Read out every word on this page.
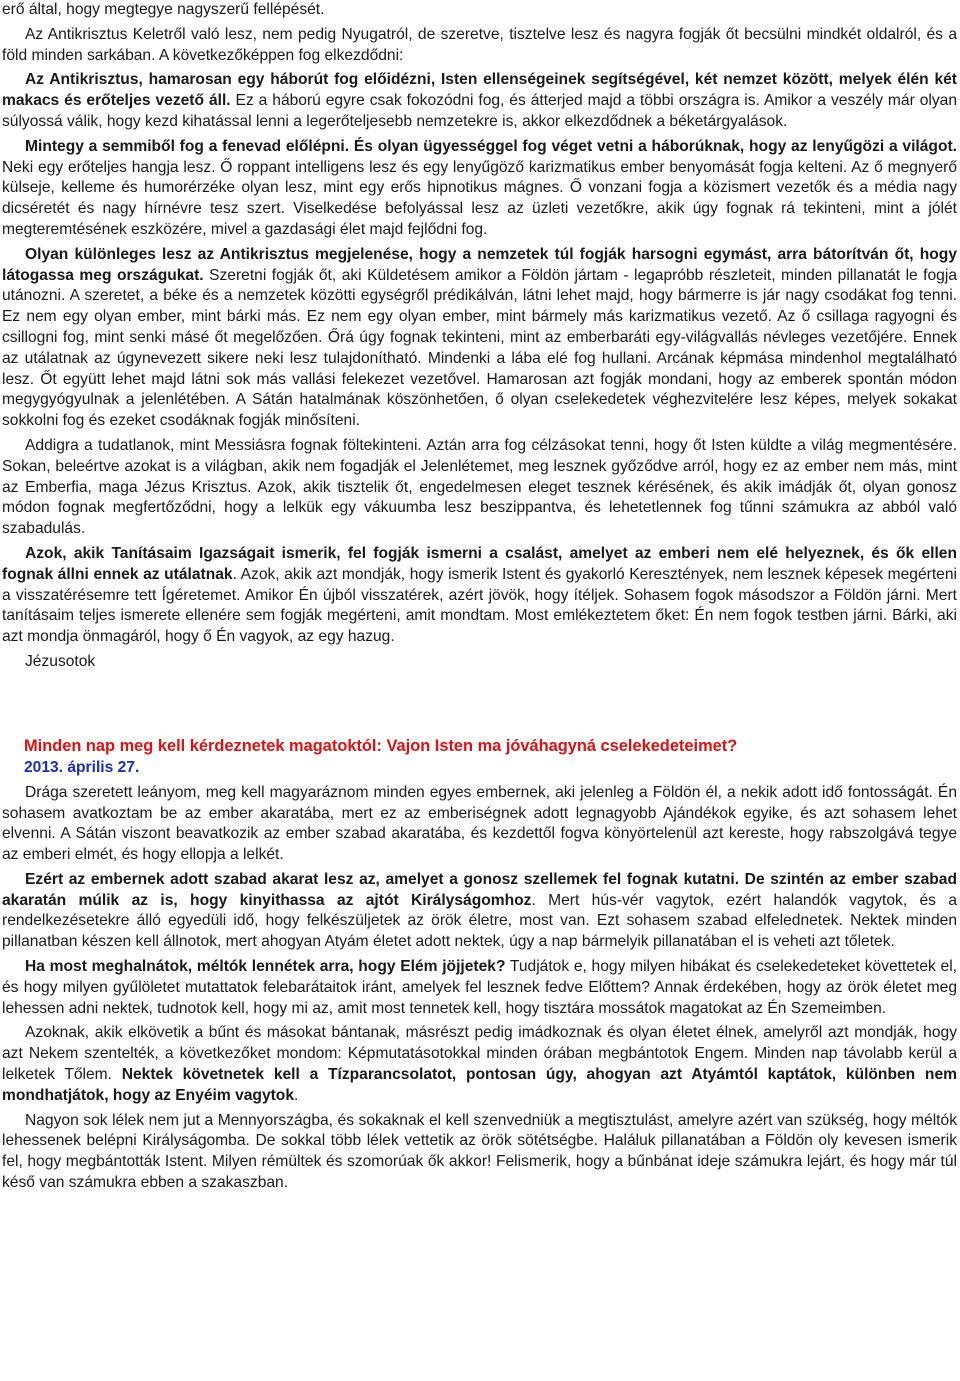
erő által, hogy megtegye nagyszerű fellépését.

Az Antikrisztus Keletről való lesz, nem pedig Nyugatról, de szeretve, tisztelve lesz és nagyra fogják őt becsülni mindkét oldalról, és a föld minden sarkában. A következőképpen fog elkezdődni:

Az Antikrisztus, hamarosan egy háborút fog előidézni, Isten ellenségeinek segítségével, két nemzet között, melyek élén két makacs és erőteljes vezető áll. Ez a háború egyre csak fokozódni fog, és átterjed majd a többi országra is. Amikor a veszély már olyan súlyossá válik, hogy kezd kihatással lenni a legerőteljesebb nemzetekre is, akkor elkezdődnek a béketárgyalások.

Mintegy a semmiből fog a fenevad előlépni. És olyan ügyességgel fog véget vetni a háborúknak, hogy az lenyűgözi a világot. Neki egy erőteljes hangja lesz. Ő roppant intelligens lesz és egy lenyűgöző karizmatikus ember benyomását fogja kelteni. Az ő megnyerő külseje, kelleme és humorérzéke olyan lesz, mint egy erős hipnotikus mágnes. Ő vonzani fogja a közismert vezetők és a média nagy dicséretét és nagy hírnévre tesz szert. Viselkedése befolyással lesz az üzleti vezetőkre, akik úgy fognak rá tekinteni, mint a jólét megteremtésének eszközére, mivel a gazdasági élet majd fejlődni fog.

Olyan különleges lesz az Antikrisztus megjelenése, hogy a nemzetek túl fogják harsogni egymást, arra bátorítván őt, hogy látogassa meg országukat. Szeretni fogják őt, aki Küldetésem amikor a Földön jártam - legapróbb részleteit, minden pillanatát le fogja utánozni. A szeretet, a béke és a nemzetek közötti egységről prédikálván, látni lehet majd, hogy bármerre is jár nagy csodákat fog tenni. Ez nem egy olyan ember, mint bárki más. Ez nem egy olyan ember, mint bármely más karizmatikus vezető. Az ő csillaga ragyogni és csillogni fog, mint senki másé őt megelőzően. Őrá úgy fognak tekinteni, mint az emberbaráti egy-világvallás névleges vezetőjére. Ennek az utálatnak az úgynevezett sikere neki lesz tulajdonítható. Mindenki a lába elé fog hullani. Arcának képmása mindenhol megtalálható lesz. Őt együtt lehet majd látni sok más vallási felekezet vezetővel. Hamarosan azt fogják mondani, hogy az emberek spontán módon megygyógyulnak a jelenlétében. A Sátán hatalmának köszönhetően, ő olyan cselekedetek véghezvitelére lesz képes, melyek sokakat sokkolni fog és ezeket csodáknak fogják minősíteni.

Addigra a tudatlanok, mint Messiásra fognak föltekinteni. Aztán arra fog célzásokat tenni, hogy őt Isten küldte a világ megmentésére. Sokan, beleértve azokat is a világban, akik nem fogadják el Jelenlétemet, meg lesznek győződve arról, hogy ez az ember nem más, mint az Emberfia, maga Jézus Krisztus. Azok, akik tisztelik őt, engedelmesen eleget tesznek kérésének, és akik imádják őt, olyan gonosz módon fognak megfertőződni, hogy a lelkük egy vákuumba lesz beszippantva, és lehetetlennek fog tűnni számukra az abból való szabadulás.

Azok, akik Tanításaim Igazságait ismerik, fel fogják ismerni a csalást, amelyet az emberi nem elé helyeznek, és ők ellen fognak állni ennek az utálatnak. Azok, akik azt mondják, hogy ismerik Istent és gyakorló Keresztények, nem lesznek képesek megérteni a visszatérésemre tett Ígéretemet. Amikor Én újból visszatérek, azért jövök, hogy ítéljek. Sohasem fogok másodszor a Földön járni. Mert tanításaim teljes ismerete ellenére sem fogják megérteni, amit mondtam. Most emlékeztetem őket: Én nem fogok testben járni. Bárki, aki azt mondja önmagáról, hogy ő Én vagyok, az egy hazug.

Jézusotok

Minden nap meg kell kérdeznetek magatoktól: Vajon Isten ma jóváhagyná cselekedeteimet?

2013. április 27.

Drága szeretett leányom, meg kell magyaráznom minden egyes embernek, aki jelenleg a Földön él, a nekik adott idő fontosságát. Én sohasem avatkoztam be az ember akaratába, mert ez az emberiségnek adott legnagyobb Ajándékok egyike, és azt sohasem lehet elvenni. A Sátán viszont beavatkozik az ember szabad akaratába, és kezdettől fogva könyörtelenül azt kereste, hogy rabszolgává tegye az emberi elmét, és hogy ellopja a lelkét.

Ezért az embernek adott szabad akarat lesz az, amelyet a gonosz szellemek fel fognak kutatni. De szintén az ember szabad akaratán múlik az is, hogy kinyithassa az ajtót Királyságomhoz. Mert hús-vér vagytok, ezért halandók vagytok, és a rendelkezésetekre álló egyedüli idő, hogy felkészüljetek az örök életre, most van. Ezt sohasem szabad elfelednetek. Nektek minden pillanatban készen kell állnotok, mert ahogyan Atyám életet adott nektek, úgy a nap bármelyik pillanatában el is veheti azt tőletek.

Ha most meghalnátok, méltók lennétek arra, hogy Elém jöjjetek? Tudjátok e, hogy milyen hibákat és cselekedeteket követtetek el, és hogy milyen gyűlöletet mutattatok felebarátaitok iránt, amelyek fel lesznek fedve Előttem? Annak érdekében, hogy az örök életet meg lehessen adni nektek, tudnotok kell, hogy mi az, amit most tennetek kell, hogy tisztára mossátok magatokat az Én Szemeimben.

Azoknak, akik elkövetik a bűnt és másokat bántanak, másrészt pedig imádkoznak és olyan életet élnek, amelyről azt mondják, hogy azt Nekem szentelték, a következőket mondom: Képmutatásotokkal minden órában megbántotok Engem. Minden nap távolabb kerül a lelketek Tőlem. Nektek követnetek kell a Tízparancsolatot, pontosan úgy, ahogyan azt Atyámtól kaptátok, különben nem mondhatjátok, hogy az Enyéim vagytok.

Nagyon sok lélek nem jut a Mennyországba, és sokaknak el kell szenvedniük a megtisztulást, amelyre azért van szükség, hogy méltók lehessenek belépni Királyságomba. De sokkal több lélek vettetik az örök sötétségbe. Haláluk pillanatában a Földön oly kevesen ismerik fel, hogy megbántották Istent. Milyen rémültek és szomorúak ők akkor! Felismerik, hogy a bűnbánat ideje számukra lejárt, és hogy már túl késő van számukra ebben a szakaszban.
